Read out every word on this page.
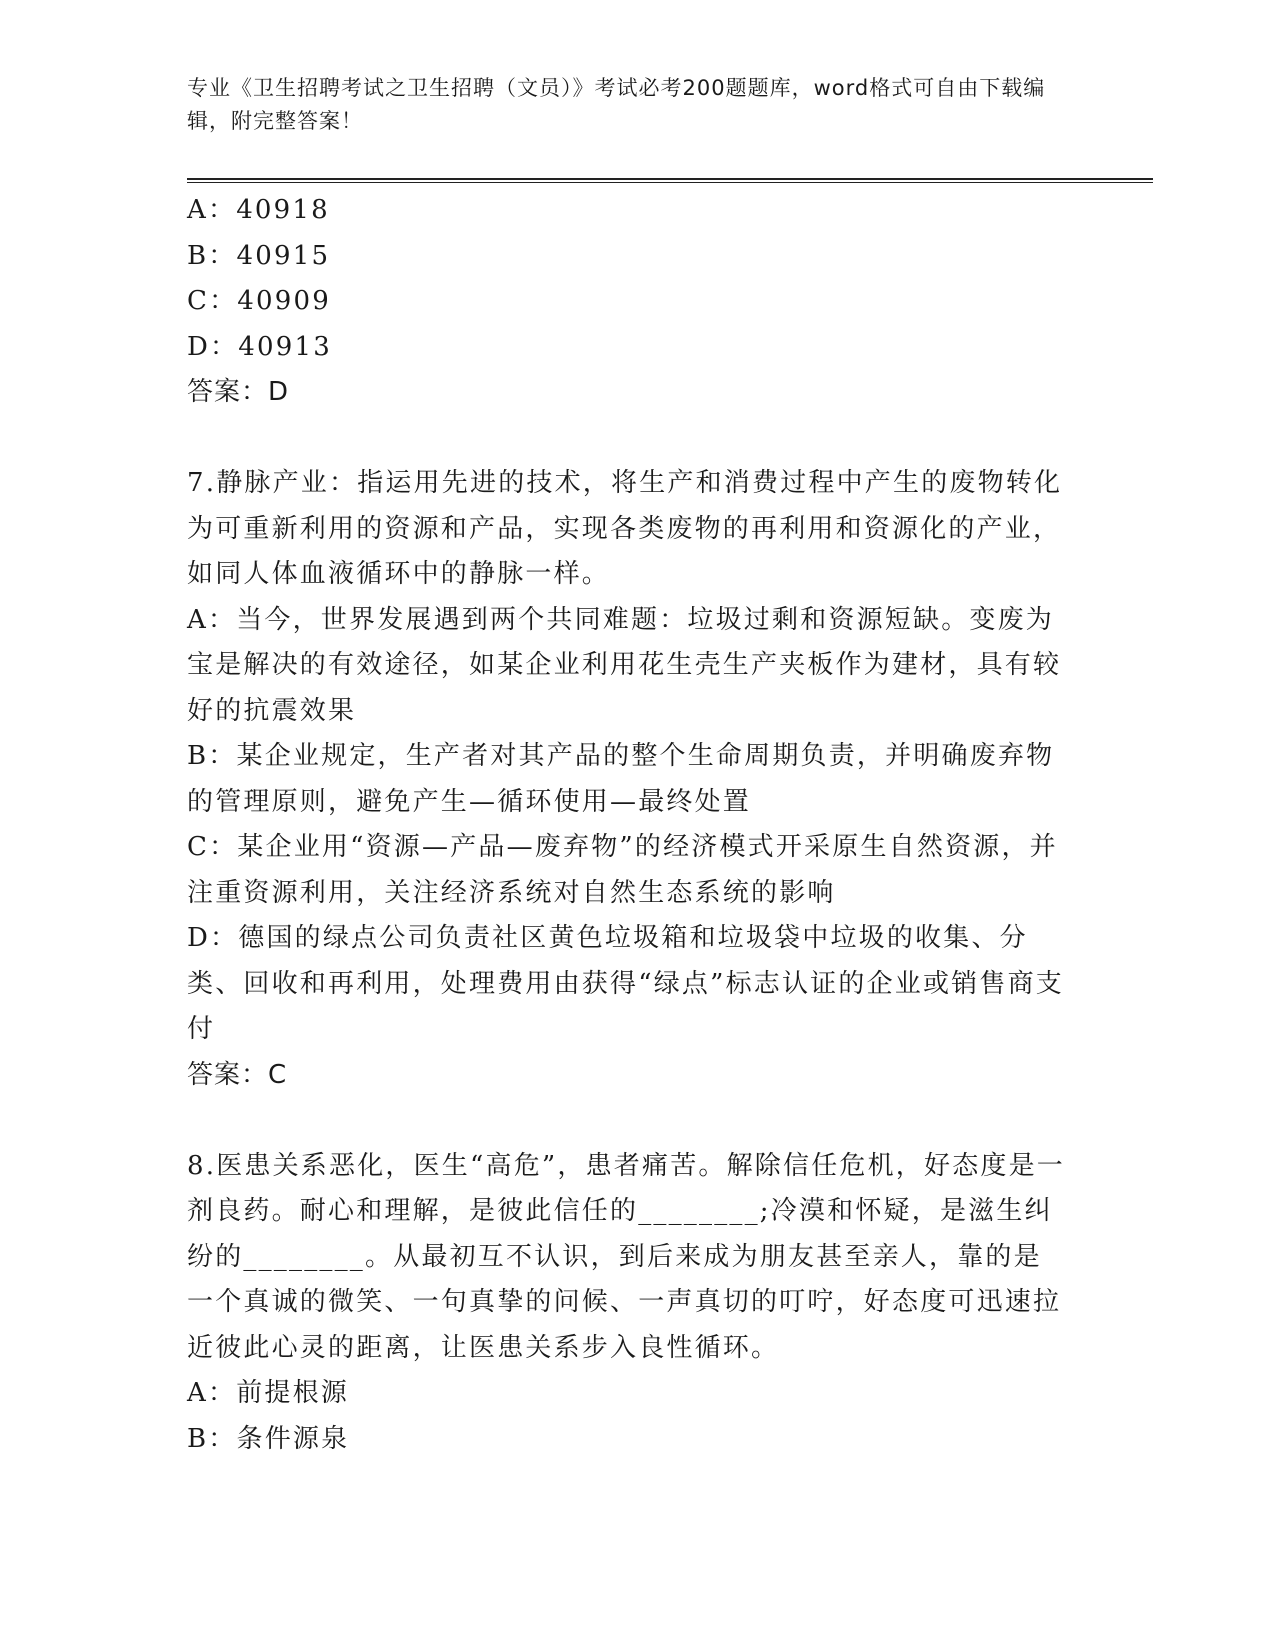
专业《卫生招聘考试之卫生招聘（文员）》考试必考200题题库，word格式可自由下载编辑，附完整答案！

A：40918

B：40915

C：40909

D：40913

答案：D

7.静脉产业：指运用先进的技术，将生产和消费过程中产生的废物转化为可重新利用的资源和产品，实现各类废物的再利用和资源化的产业，如同人体血液循环中的静脉一样。

A：当今，世界发展遇到两个共同难题：垃圾过剩和资源短缺。变废为宝是解决的有效途径，如某企业利用花生壳生产夹板作为建材，具有较好的抗震效果

B：某企业规定，生产者对其产品的整个生命周期负责，并明确废弃物的管理原则，避免产生—循环使用—最终处置

C：某企业用“资源—产品—废弃物”的经济模式开采原生自然资源，并注重资源利用，关注经济系统对自然生态系统的影响

D：德国的绿点公司负责社区黄色垃圾箱和垃圾袋中垃圾的收集、分类、回收和再利用，处理费用由获得“绿点”标志认证的企业或销售商支付

答案：C

8.医患关系恶化，医生“高危”，患者痛苦。解除信任危机，好态度是一剂良药。耐心和理解，是彼此信任的________;冷漠和怀疑，是滋生纠纷的________。从最初互不认识，到后来成为朋友甚至亲人，靠的是一个真诚的微笑、一句真挚的问候、一声真切的叮咛，好态度可迅速拉近彼此心灵的距离，让医患关系步入良性循环。

A：前提根源

B：条件源泉
